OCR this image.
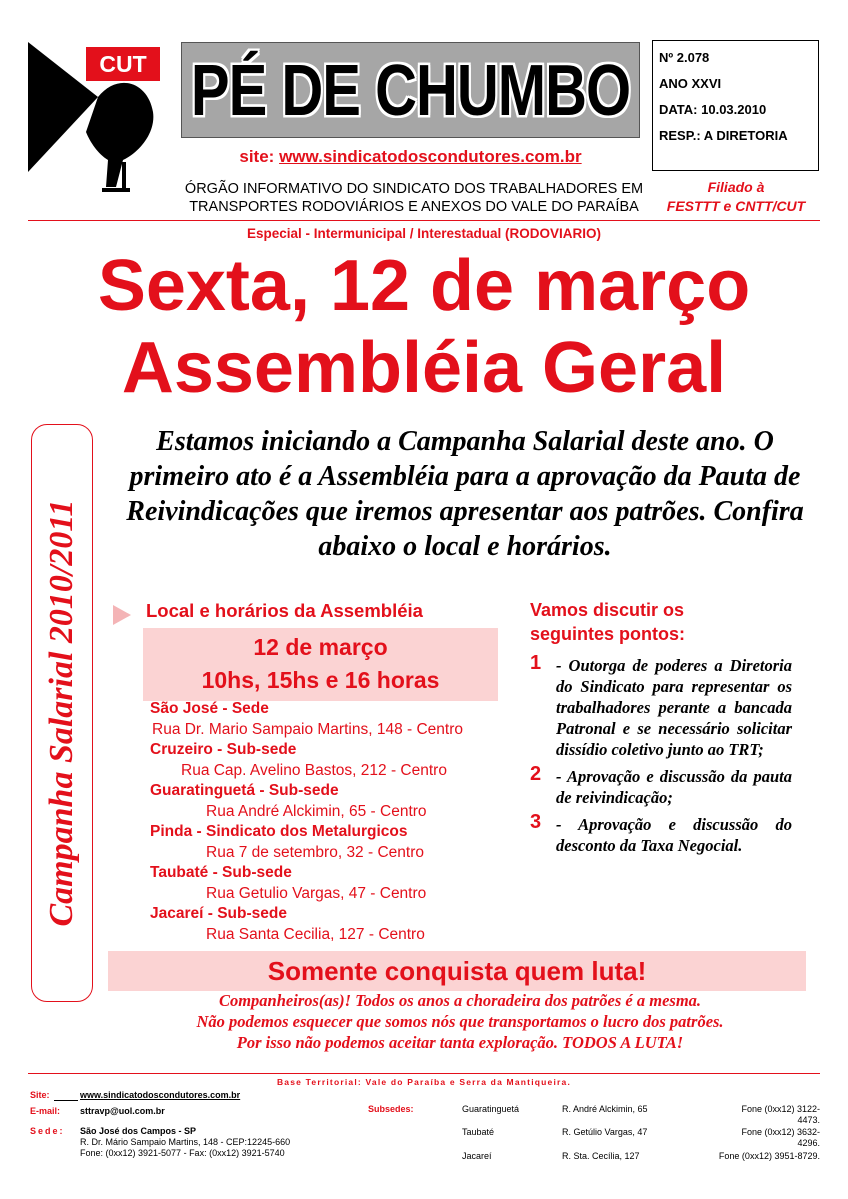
CUT PÉ DE CHUMBO
site: www.sindicatodoscondutores.com.br
ÓRGÃO INFORMATIVO DO SINDICATO DOS TRABALHADORES EM
TRANSPORTES RODOVIÁRIOS E ANEXOS DO VALE DO PARAÍBA
Nº 2.078
ANO XXVI
DATA: 10.03.2010
RESP.: A DIRETORIA
Filiado à
FESTTT e CNTT/CUT
Especial - Intermunicipal / Interestadual (RODOVIARIO)
Sexta, 12 de março
Assembléia Geral
Campanha Salarial 2010/2011
Estamos iniciando a Campanha Salarial deste ano. O primeiro ato é a Assembléia para a aprovação da Pauta de Reivindicações que iremos apresentar aos patrões. Confira abaixo o local e horários.
Local e horários da Assembléia
12 de março
10hs, 15hs e 16 horas
São José - Sede
Rua Dr. Mario Sampaio Martins, 148 - Centro
Cruzeiro - Sub-sede
Rua Cap. Avelino Bastos, 212 - Centro
Guaratinguetá - Sub-sede
Rua André Alckimin, 65 - Centro
Pinda - Sindicato dos Metalurgicos
Rua 7 de setembro, 32 - Centro
Taubaté - Sub-sede
Rua Getulio Vargas, 47 - Centro
Jacareí - Sub-sede
Rua Santa Cecilia, 127 - Centro
Vamos discutir os seguintes pontos:
1 - Outorga de poderes a Diretoria do Sindicato para representar os trabalhadores perante a bancada Patronal e se necessário solicitar dissídio coletivo junto ao TRT;
2 - Aprovação e discussão da pauta de reivindicação;
3 - Aprovação e discussão do desconto da Taxa Negocial.
Somente conquista quem luta!
Companheiros(as)! Todos os anos a choradeira dos patrões é a mesma.
Não podemos esquecer que somos nós que transportamos o lucro dos patrões.
Por isso não podemos aceitar tanta exploração. TODOS A LUTA!
Base Territorial: Vale do Paraíba e Serra da Mantiqueira.
Site:	www.sindicatodoscondutores.com.br
E-mail: sttravp@uol.com.br
Sede: São José dos Campos - SP
R. Dr. Mário Sampaio Martins, 148 - CEP:12245-660
Fone: (0xx12) 3921-5077 - Fax: (0xx12) 3921-5740
Subsedes:	Guaratinguetá	R. André Alckimin, 65	Fone (0xx12) 3122-4473.
Taubaté	R. Getúlio Vargas, 47	Fone (0xx12) 3632-4296.
Jacareí	R. Sta. Cecília, 127	Fone (0xx12) 3951-8729.
